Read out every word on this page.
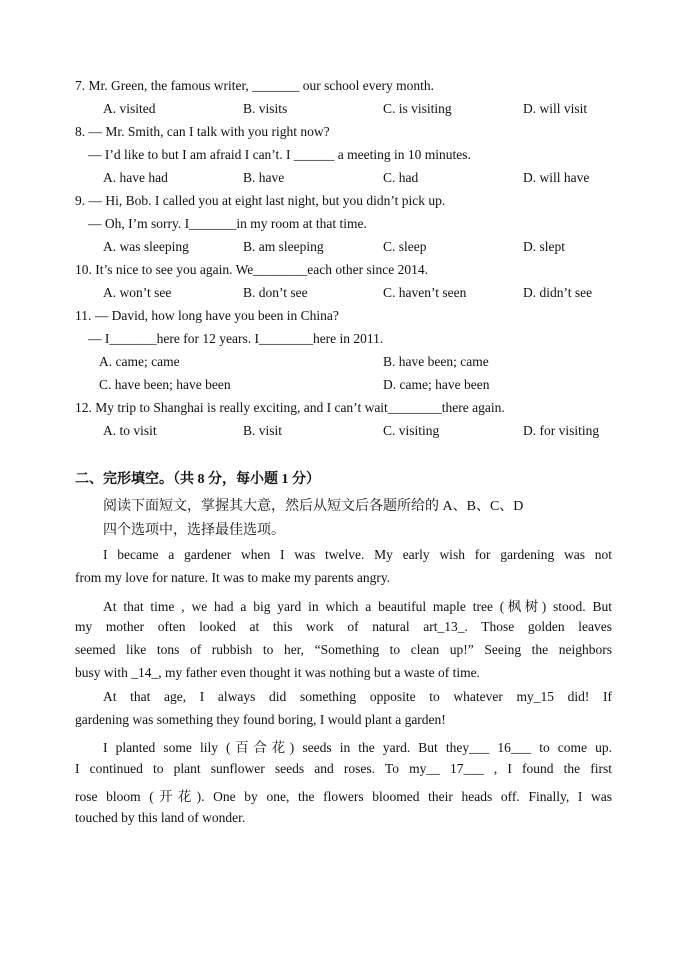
7. Mr. Green, the famous writer, _______ our school every month.
A. visited	B. visits	C. is visiting	D. will visit
8. — Mr. Smith, can I talk with you right now?
— I’d like to but I am afraid I can’t. I ______ a meeting in 10 minutes.
A. have had	B. have	C. had	D. will have
9. — Hi, Bob. I called you at eight last night, but you didn’t pick up.
— Oh, I’m sorry. I_______in my room at that time.
A. was sleeping	B. am sleeping	C. sleep	D. slept
10. It’s nice to see you again. We________each other since 2014.
A. won’t see	B. don’t see	C. haven’t seen	D. didn’t see
11. — David, how long have you been in China?
— I_______here for 12 years. I________here in 2011.
A. came; came	B. have been; came
C. have been; have been	D. came; have been
12. My trip to Shanghai is really exciting, and I can’t wait________there again.
A. to visit	B. visit	C. visiting	D. for visiting
二、完形填空。（共 8 分，每小题 1 分）
阅读下面短文，掌握其大意，然后从短文后各题所给的 A、B、C、D
四个选项中，选择最佳选项。
I became a gardener when I was twelve. My early wish for gardening was not
from my love for nature. It was to make my parents angry.
At that time , we had a big yard in which a beautiful maple tree (枫树) stood. But
my mother often looked at this work of natural art_13_. Those golden leaves
seemed like tons of rubbish to her, “Something to clean up!” Seeing the neighbors
busy with _14_, my father even thought it was nothing but a waste of time.
At that age, I always did something opposite to whatever my_15 did! If
gardening was something they found boring, I would plant a garden!
I planted some lily (百合花) seeds in the yard. But they___ 16___ to come up.
I continued to plant sunflower seeds and roses. To my__ 17___ , I found the first
rose bloom (开花). One by one, the flowers bloomed their heads off. Finally, I was
touched by this land of wonder.
